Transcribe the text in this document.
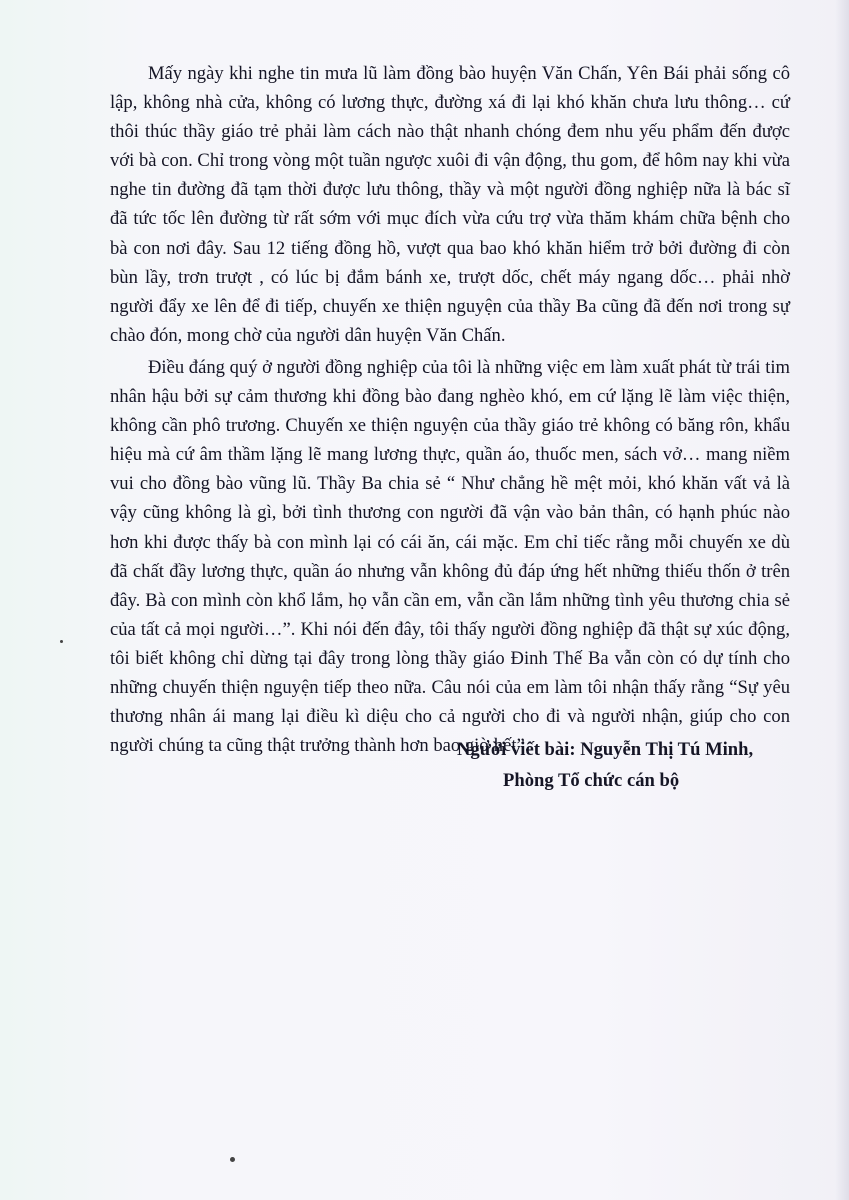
Mấy ngày khi nghe tin mưa lũ làm đồng bào huyện Văn Chấn, Yên Bái phải sống cô lập, không nhà cửa, không có lương thực, đường xá đi lại khó khăn chưa lưu thông… cứ thôi thúc thầy giáo trẻ phải làm cách nào thật nhanh chóng đem nhu yếu phẩm đến được với bà con. Chỉ trong vòng một tuần ngược xuôi đi vận động, thu gom, để hôm nay khi vừa nghe tin đường đã tạm thời được lưu thông, thầy và một người đồng nghiệp nữa là bác sĩ đã tức tốc lên đường từ rất sớm với mục đích vừa cứu trợ vừa thăm khám chữa bệnh cho bà con nơi đây. Sau 12 tiếng đồng hồ, vượt qua bao khó khăn hiểm trở bởi đường đi còn bùn lầy, trơn trượt , có lúc bị đắm bánh xe, trượt dốc, chết máy ngang dốc… phải nhờ người đẩy xe lên để đi tiếp, chuyến xe thiện nguyện của thầy Ba cũng đã đến nơi trong sự chào đón, mong chờ của người dân huyện Văn Chấn.

Điều đáng quý ở người đồng nghiệp của tôi là những việc em làm xuất phát từ trái tim nhân hậu bởi sự cảm thương khi đồng bào đang nghèo khó, em cứ lặng lẽ làm việc thiện, không cần phô trương. Chuyến xe thiện nguyện của thầy giáo trẻ không có băng rôn, khẩu hiệu mà cứ âm thầm lặng lẽ mang lương thực, quần áo, thuốc men, sách vở… mang niềm vui cho đồng bào vũng lũ. Thầy Ba chia sẻ “ Như chẳng hề mệt mỏi, khó khăn vất vả là vậy cũng không là gì, bởi tình thương con người đã vận vào bản thân, có hạnh phúc nào hơn khi được thấy bà con mình lại có cái ăn, cái mặc. Em chỉ tiếc rằng mỗi chuyến xe dù đã chất đầy lương thực, quần áo nhưng vẫn không đủ đáp ứng hết những thiếu thốn ở trên đây. Bà con mình còn khổ lắm, họ vẫn cần em, vẫn cần lắm những tình yêu thương chia sẻ của tất cả mọi người…”. Khi nói đến đây, tôi thấy người đồng nghiệp đã thật sự xúc động, tôi biết không chỉ dừng tại đây trong lòng thầy giáo Đinh Thế Ba vẫn còn có dự tính cho những chuyến thiện nguyện tiếp theo nữa. Câu nói của em làm tôi nhận thấy rằng “Sự yêu thương nhân ái mang lại điều kì diệu cho cả người cho đi và người nhận, giúp cho con người chúng ta cũng thật trưởng thành hơn bao giờ hết”.

Người viết bài: Nguyễn Thị Tú Minh,
Phòng Tổ chức cán bộ
